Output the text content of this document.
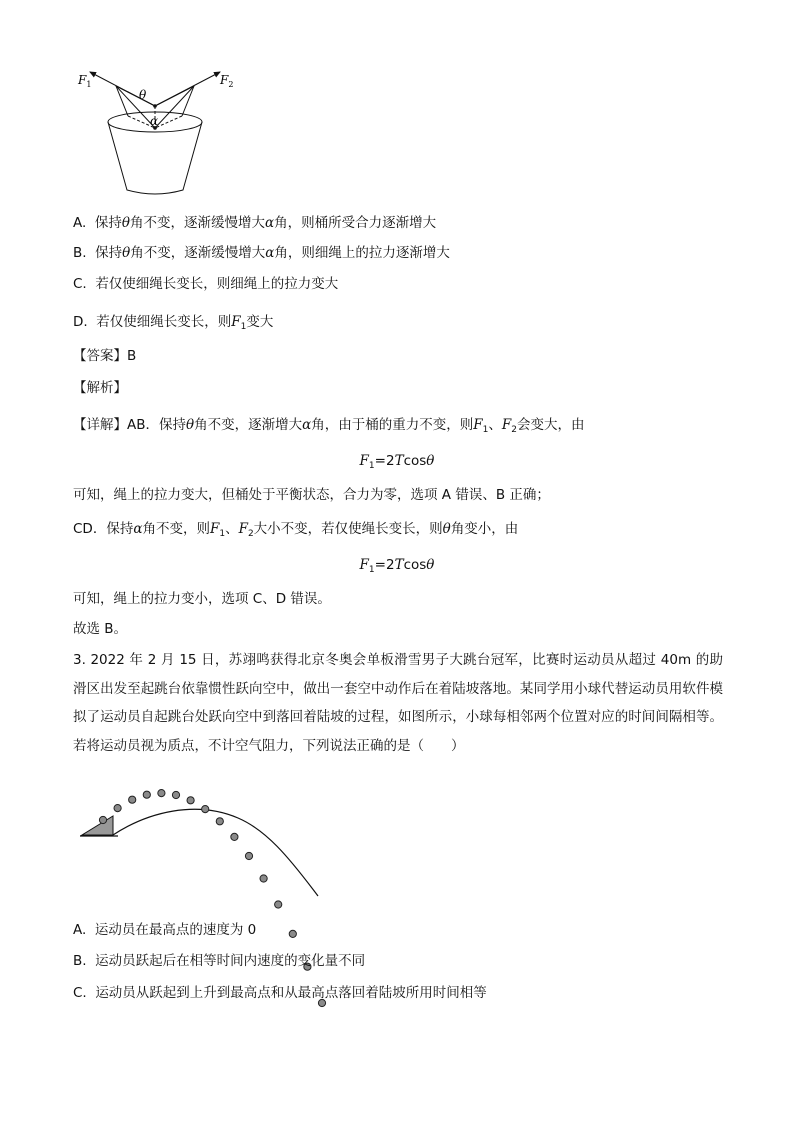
$F_1$	$F_2$
θ
α
A. 保持θ角不变，逐渐缓慢增大α角，则桶所受合力逐渐增大
B. 保持θ角不变，逐渐缓慢增大α角，则细绳上的拉力逐渐增大
C. 若仅使细绳长变长，则细绳上的拉力变大
D. 若仅使细绳长变长，则$F_1$变大
【答案】B
【解析】
【详解】AB．保持θ角不变，逐渐增大α角，由于桶的重力不变，则$F_1$、$F_2$会变大，由
$F_1=2Tcos\theta$
可知，绳上的拉力变大，但桶处于平衡状态，合力为零，选项 A 错误、B 正确；
CD．保持α角不变，则$F_1$、$F_2$大小不变，若仅使绳长变长，则θ角变小，由
$F_1=2Tcos\theta$
可知，绳上的拉力变小，选项 C、D 错误。
故选 B。
3. 2022 年 2 月 15 日，苏翊鸣获得北京冬奥会单板滑雪男子大跳台冠军，比赛时运动员从超过 40m 的助滑区出发至起跳台依靠惯性跃向空中，做出一套空中动作后在着陆坡落地。某同学用小球代替运动员用软件模拟了运动员自起跳台处跃向空中到落回着陆坡的过程，如图所示，小球每相邻两个位置对应的时间间隔相等。若将运动员视为质点，不计空气阻力，下列说法正确的是（　　）
A. 运动员在最高点的速度为 0
B. 运动员跃起后在相等时间内速度的变化量不同
C. 运动员从跃起到上升到最高点和从最高点落回着陆坡所用时间相等
